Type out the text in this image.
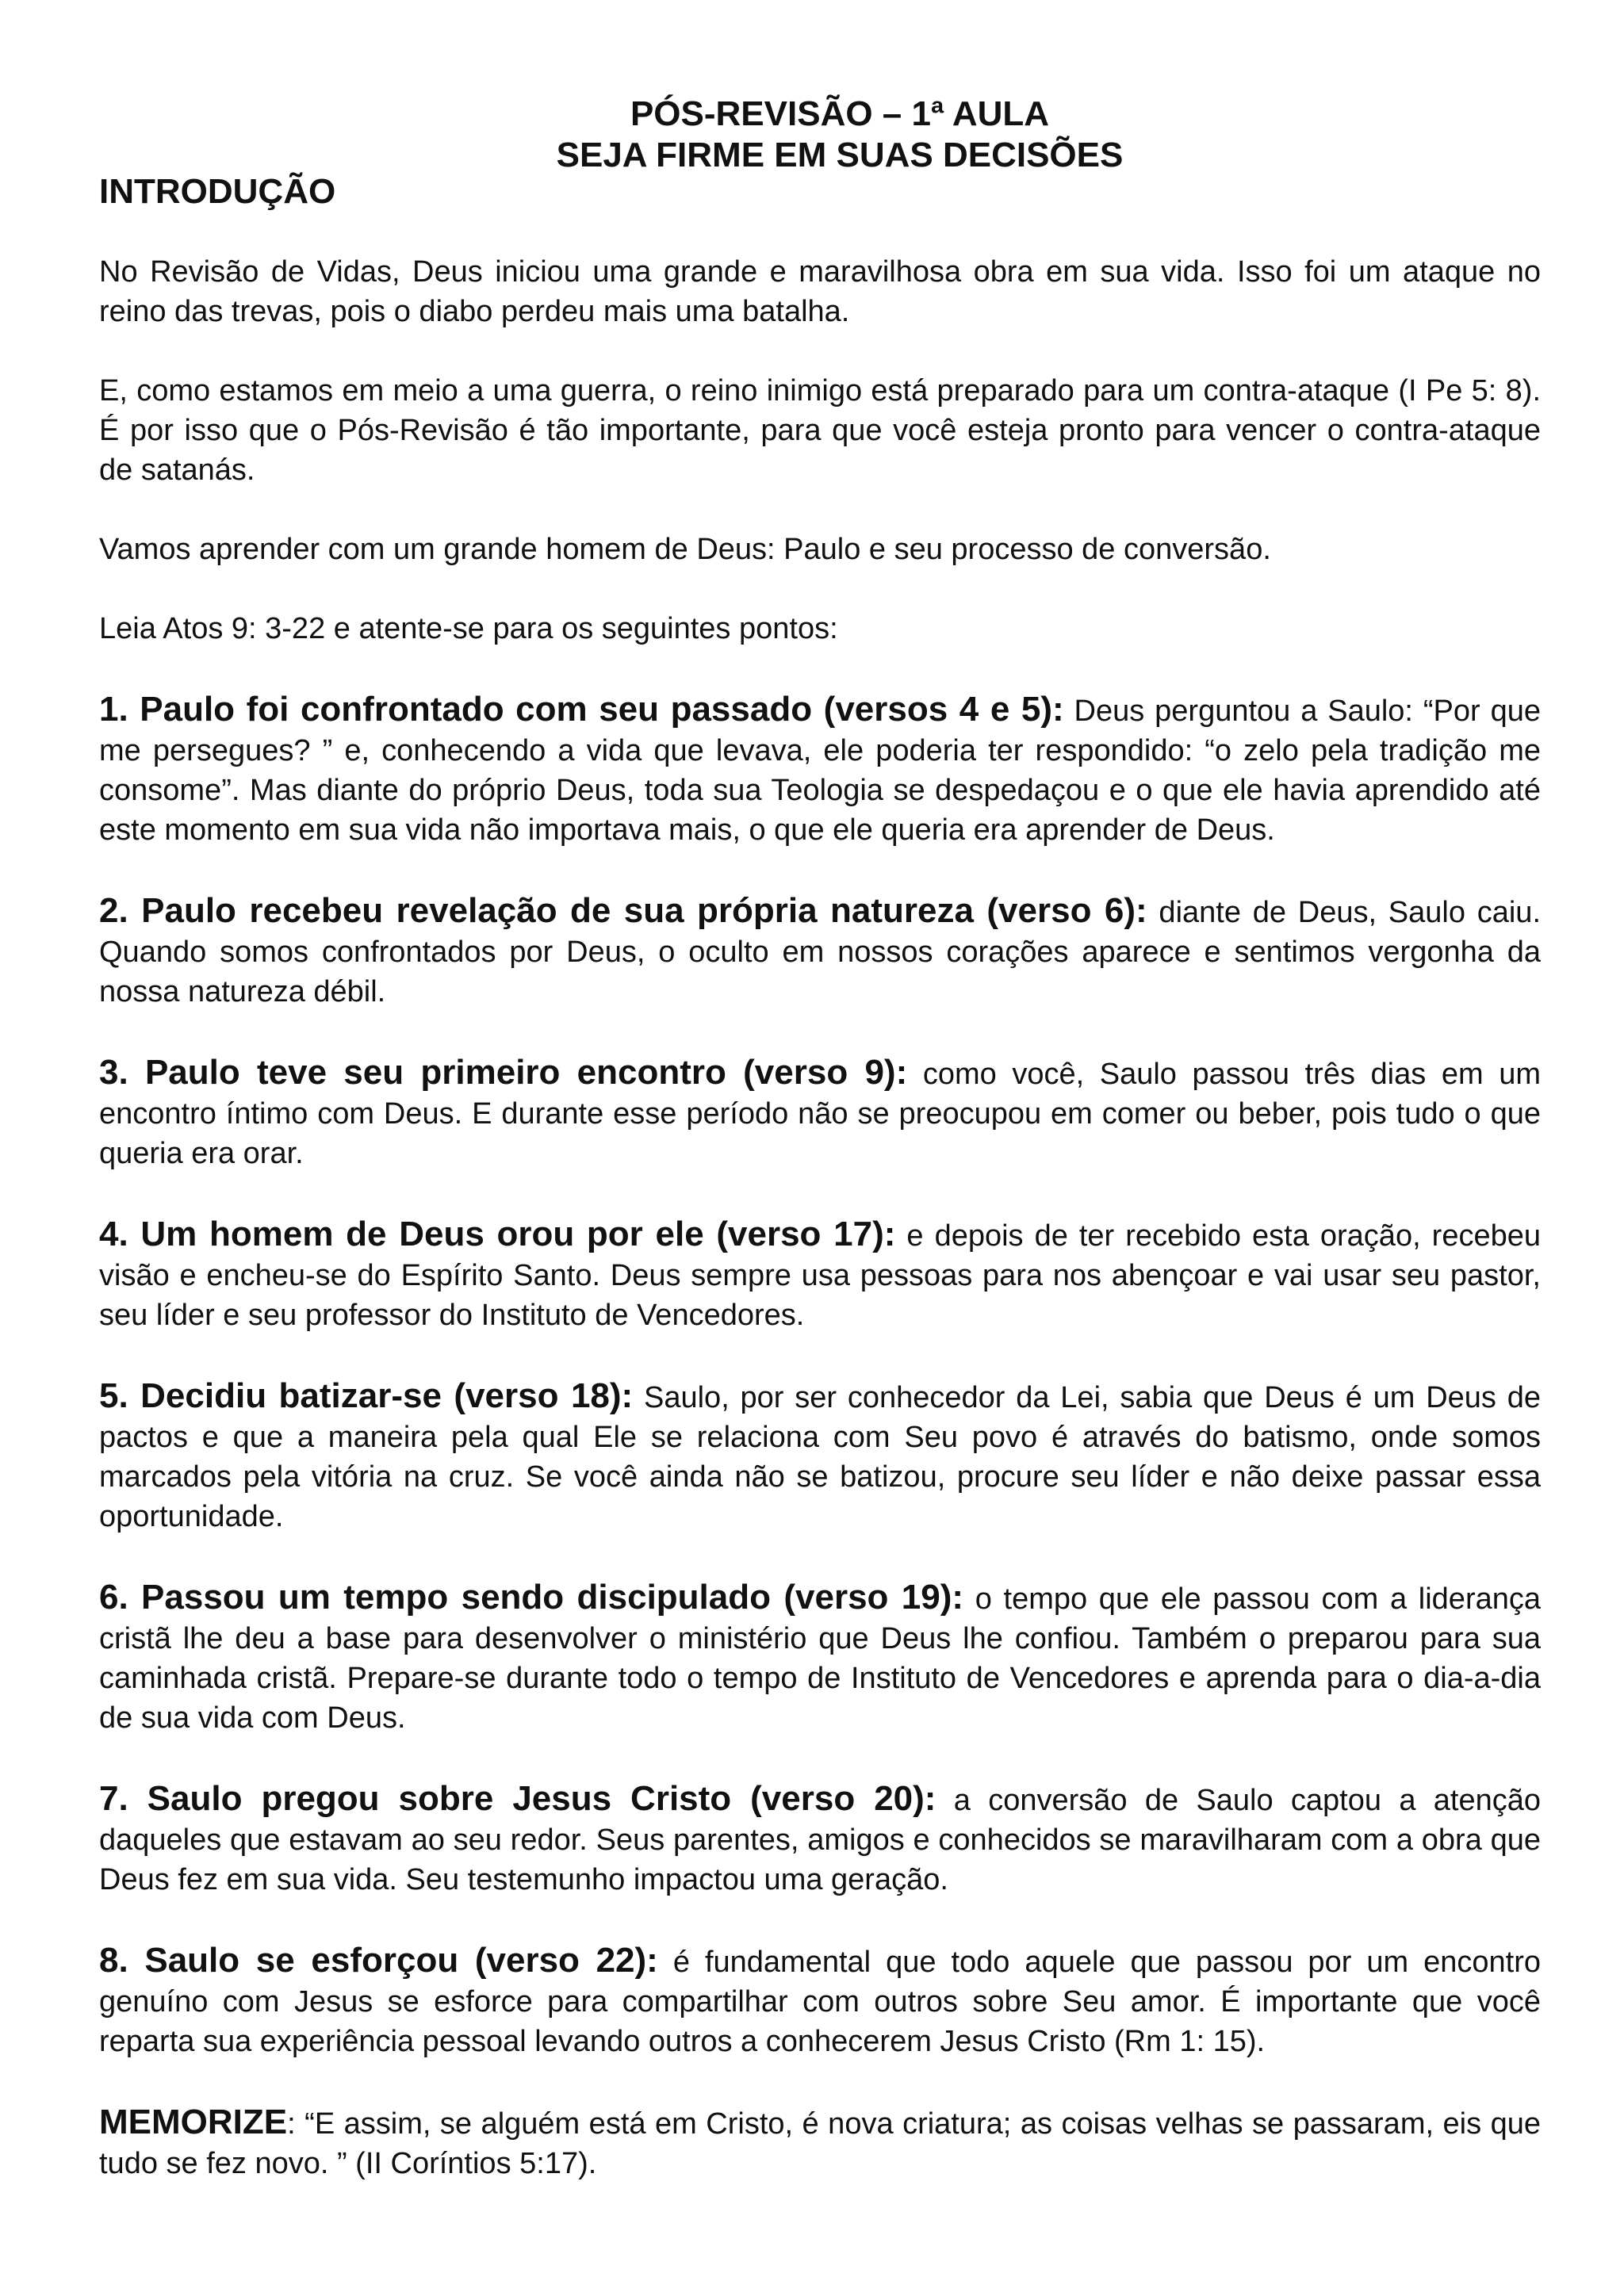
PÓS-REVISÃO – 1ª AULA

SEJA FIRME EM SUAS DECISÕES

INTRODUÇÃO

No Revisão de Vidas, Deus iniciou uma grande e maravilhosa obra em sua vida. Isso foi um ataque no reino das trevas, pois o diabo perdeu mais uma batalha.

E, como estamos em meio a uma guerra, o reino inimigo está preparado para um contra-ataque (I Pe 5: 8). É por isso que o Pós-Revisão é tão importante, para que você esteja pronto para vencer o contra-ataque de satanás.

Vamos aprender com um grande homem de Deus: Paulo e seu processo de conversão.

Leia Atos 9: 3-22 e atente-se para os seguintes pontos:

1. Paulo foi confrontado com seu passado (versos 4 e 5): Deus perguntou a Saulo: “Por que me persegues? ” e, conhecendo a vida que levava, ele poderia ter respondido: “o zelo pela tradição me consome”. Mas diante do próprio Deus, toda sua Teologia se despedaçou e o que ele havia aprendido até este momento em sua vida não importava mais, o que ele queria era aprender de Deus.

2. Paulo recebeu revelação de sua própria natureza (verso 6): diante de Deus, Saulo caiu. Quando somos confrontados por Deus, o oculto em nossos corações aparece e sentimos vergonha da nossa natureza débil.

3. Paulo teve seu primeiro encontro (verso 9): como você, Saulo passou três dias em um encontro íntimo com Deus. E durante esse período não se preocupou em comer ou beber, pois tudo o que queria era orar.

4. Um homem de Deus orou por ele (verso 17): e depois de ter recebido esta oração, recebeu visão e encheu-se do Espírito Santo. Deus sempre usa pessoas para nos abençoar e vai usar seu pastor, seu líder e seu professor do Instituto de Vencedores.

5. Decidiu batizar-se (verso 18): Saulo, por ser conhecedor da Lei, sabia que Deus é um Deus de pactos e que a maneira pela qual Ele se relaciona com Seu povo é através do batismo, onde somos marcados pela vitória na cruz. Se você ainda não se batizou, procure seu líder e não deixe passar essa oportunidade.

6. Passou um tempo sendo discipulado (verso 19): o tempo que ele passou com a liderança cristã lhe deu a base para desenvolver o ministério que Deus lhe confiou. Também o preparou para sua caminhada cristã. Prepare-se durante todo o tempo de Instituto de Vencedores e aprenda para o dia-a-dia de sua vida com Deus.

7. Saulo pregou sobre Jesus Cristo (verso 20): a conversão de Saulo captou a atenção daqueles que estavam ao seu redor. Seus parentes, amigos e conhecidos se maravilharam com a obra que Deus fez em sua vida. Seu testemunho impactou uma geração.

8. Saulo se esforçou (verso 22): é fundamental que todo aquele que passou por um encontro genuíno com Jesus se esforce para compartilhar com outros sobre Seu amor. É importante que você reparta sua experiência pessoal levando outros a conhecerem Jesus Cristo (Rm 1: 15).

MEMORIZE: “E assim, se alguém está em Cristo, é nova criatura; as coisas velhas se passaram, eis que tudo se fez novo. ” (II Coríntios 5:17).
